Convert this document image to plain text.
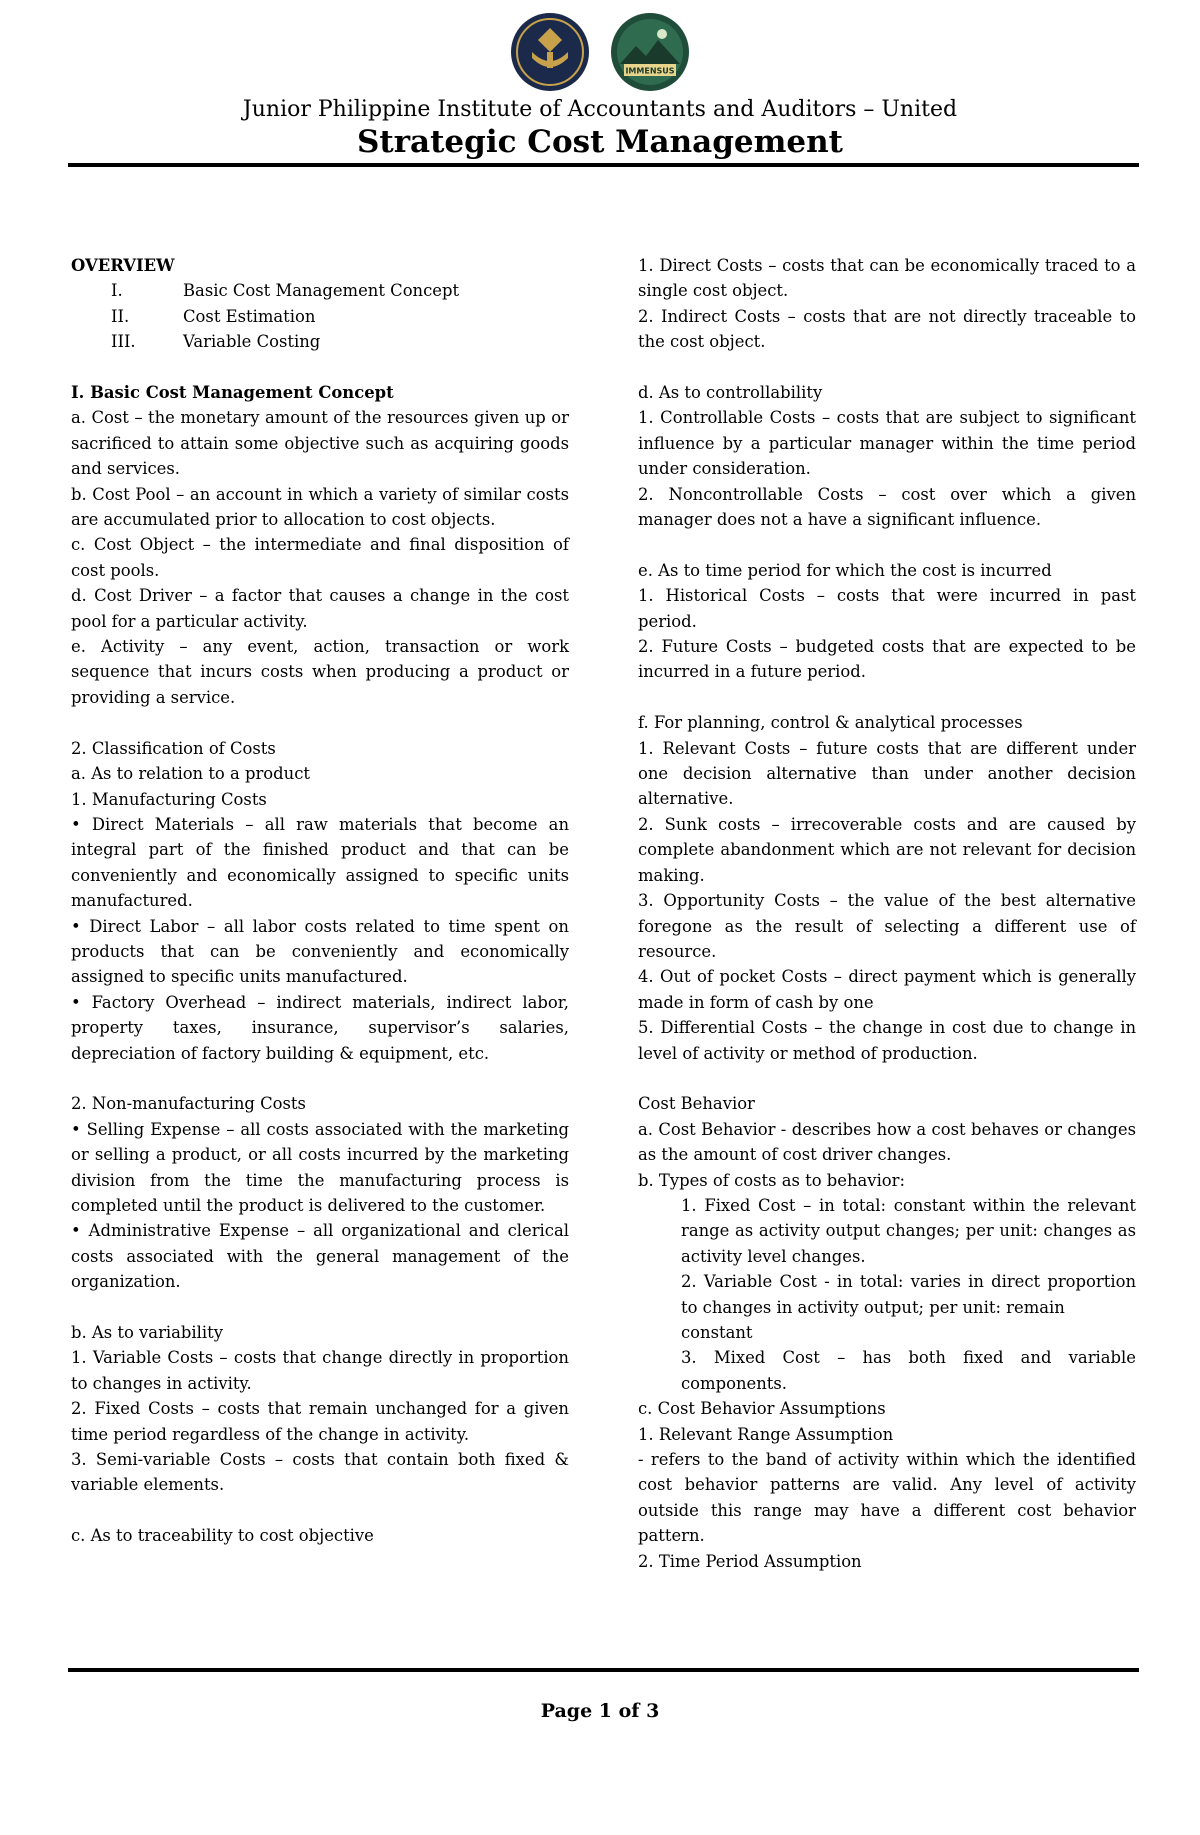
IMMENSUS
Junior Philippine Institute of Accountants and Auditors – United
Strategic Cost Management

OVERVIEW

I.	Basic Cost Management Concept
II.	Cost Estimation
III.	Variable Costing

I. Basic Cost Management Concept

a. Cost – the monetary amount of the resources given up or sacrificed to attain some objective such as acquiring goods and services.

b. Cost Pool – an account in which a variety of similar costs are accumulated prior to allocation to cost objects.

c. Cost Object – the intermediate and final disposition of cost pools.

d. Cost Driver – a factor that causes a change in the cost pool for a particular activity.

e. Activity – any event, action, transaction or work sequence that incurs costs when producing a product or providing a service.

2. Classification of Costs

a. As to relation to a product

1. Manufacturing Costs

• Direct Materials – all raw materials that become an integral part of the finished product and that can be conveniently and economically assigned to specific units manufactured.

• Direct Labor – all labor costs related to time spent on products that can be conveniently and economically assigned to specific units manufactured.

• Factory Overhead – indirect materials, indirect labor, property taxes, insurance, supervisor’s salaries, depreciation of factory building & equipment, etc.

2. Non-manufacturing Costs

• Selling Expense – all costs associated with the marketing or selling a product, or all costs incurred by the marketing division from the time the manufacturing process is completed until the product is delivered to the customer.

• Administrative Expense – all organizational and clerical costs associated with the general management of the organization.

b. As to variability

1. Variable Costs – costs that change directly in proportion to changes in activity.

2. Fixed Costs – costs that remain unchanged for a given time period regardless of the change in activity.

3. Semi-variable Costs – costs that contain both fixed & variable elements.

c. As to traceability to cost objective

1. Direct Costs – costs that can be economically traced to a single cost object.

2. Indirect Costs – costs that are not directly traceable to the cost object.

d. As to controllability

1. Controllable Costs – costs that are subject to significant influence by a particular manager within the time period under consideration.

2. Noncontrollable Costs – cost over which a given manager does not a have a significant influence.

e. As to time period for which the cost is incurred

1. Historical Costs – costs that were incurred in past period.

2. Future Costs – budgeted costs that are expected to be incurred in a future period.

f. For planning, control & analytical processes

1. Relevant Costs – future costs that are different under one decision alternative than under another decision alternative.

2. Sunk costs – irrecoverable costs and are caused by complete abandonment which are not relevant for decision making.

3. Opportunity Costs – the value of the best alternative foregone as the result of selecting a different use of resource.

4. Out of pocket Costs – direct payment which is generally made in form of cash by one

5. Differential Costs – the change in cost due to change in level of activity or method of production.

Cost Behavior

a. Cost Behavior - describes how a cost behaves or changes as the amount of cost driver changes.

b. Types of costs as to behavior:

1. Fixed Cost – in total: constant within the relevant range as activity output changes; per unit: changes as activity level changes.

2. Variable Cost - in total: varies in direct proportion to changes in activity output; per unit: remain

constant

3. Mixed Cost – has both fixed and variable components.

c. Cost Behavior Assumptions

1. Relevant Range Assumption

- refers to the band of activity within which the identified cost behavior patterns are valid. Any level of activity outside this range may have a different cost behavior pattern.

2. Time Period Assumption

Page 1 of 3
